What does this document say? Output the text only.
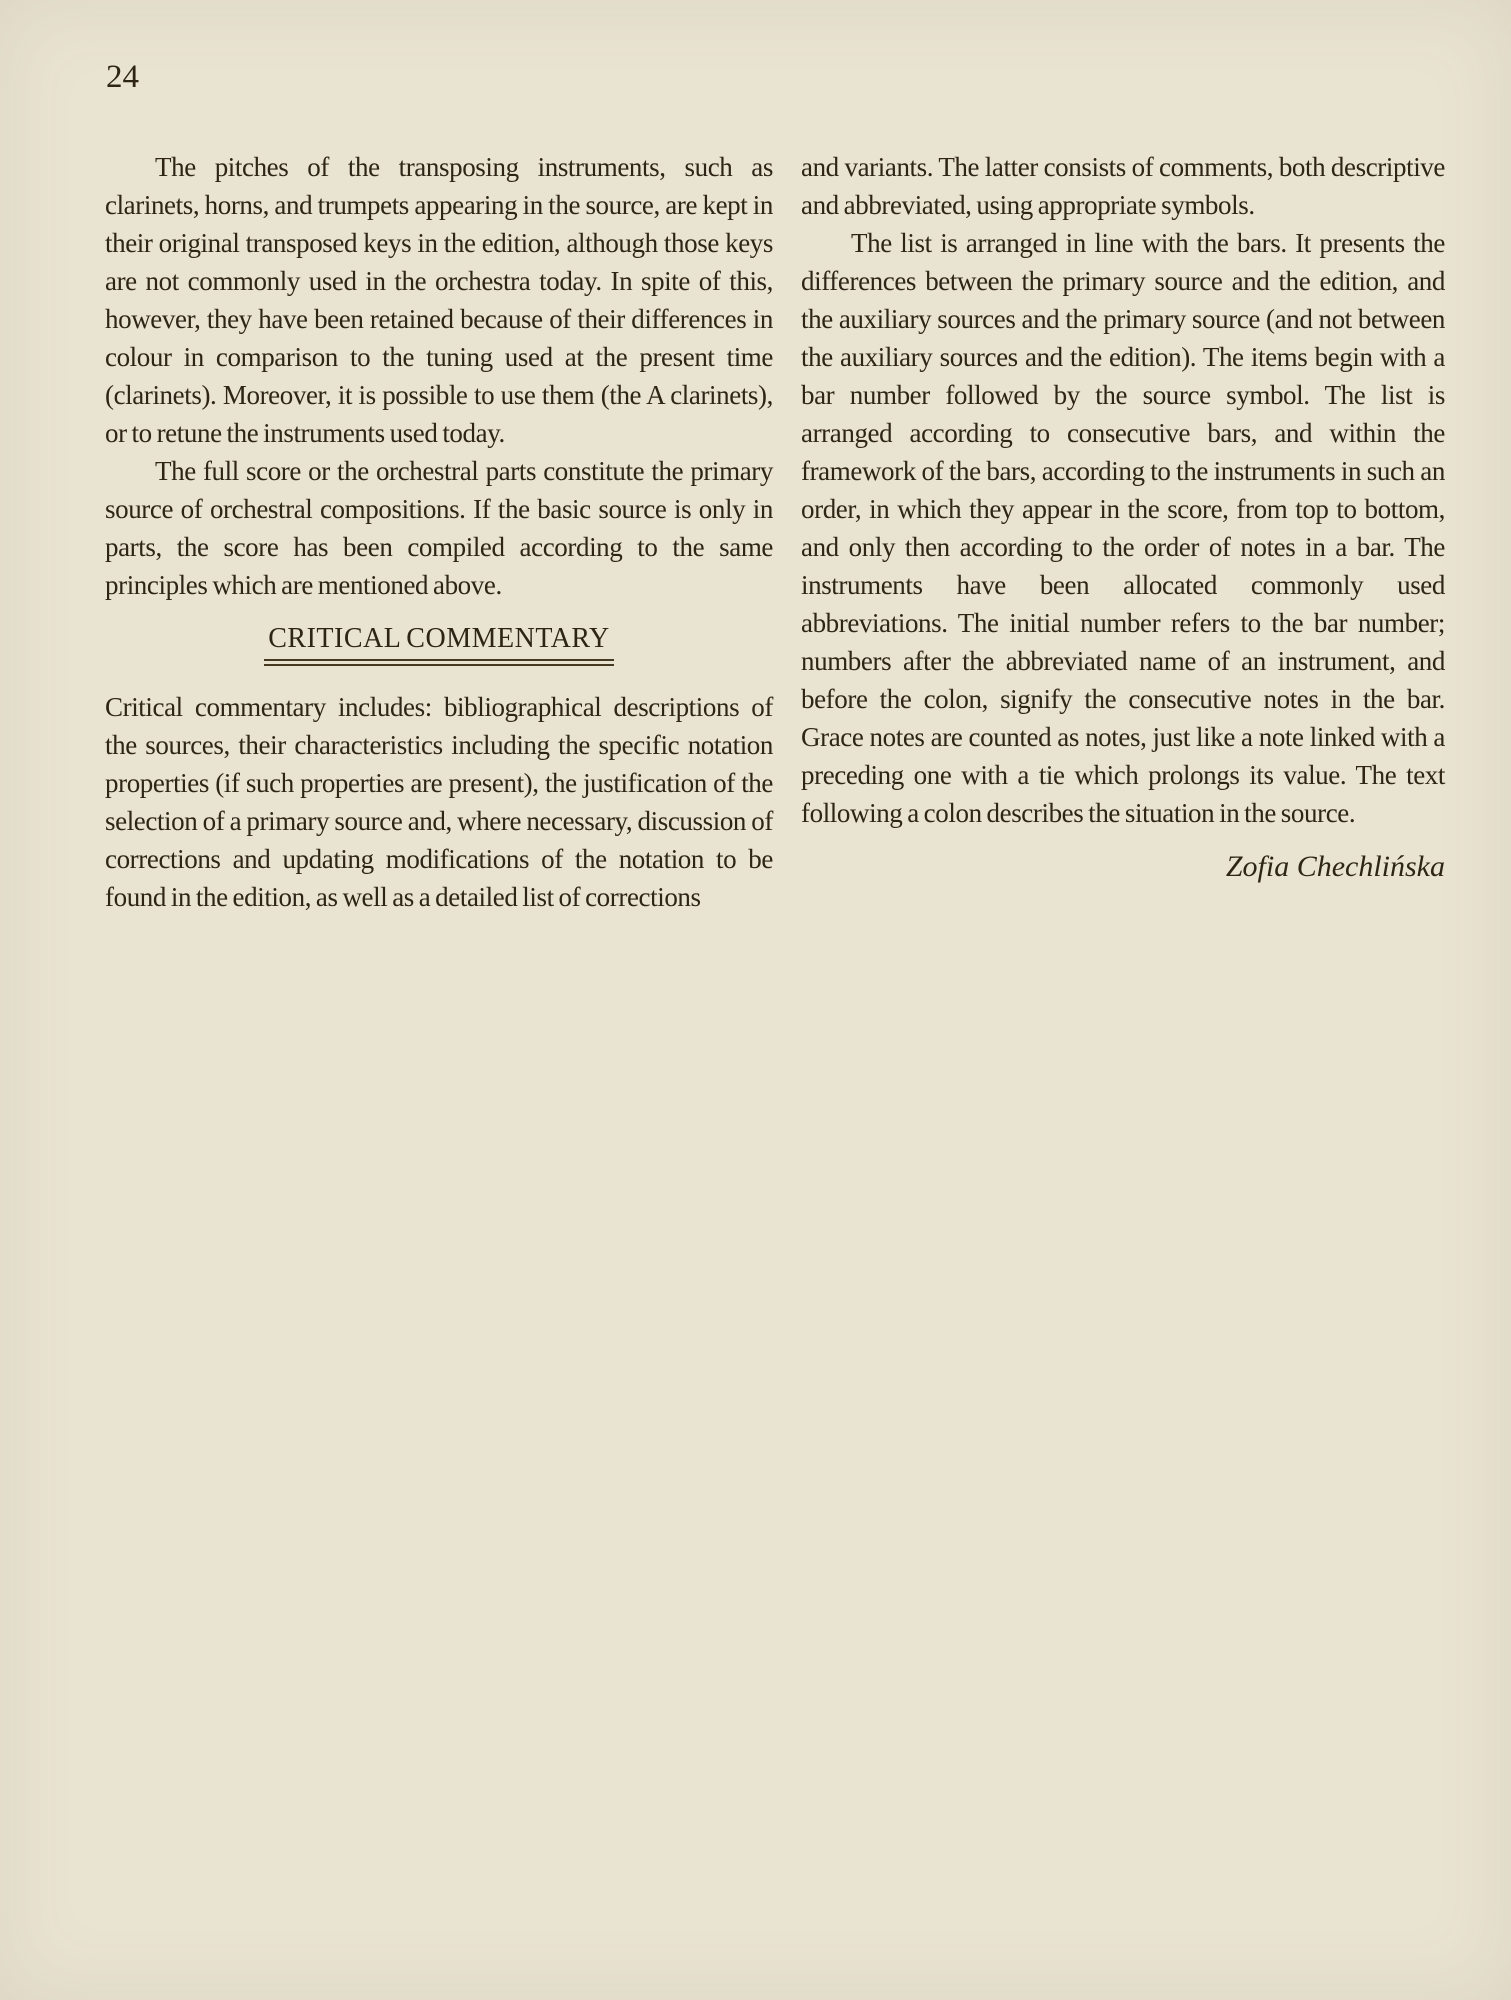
24

The pitches of the transposing instruments, such as clarinets, horns, and trumpets appearing in the source, are kept in their original transposed keys in the edition, although those keys are not commonly used in the orchestra today. In spite of this, however, they have been retained because of their differences in colour in comparison to the tuning used at the present time (clarinets). Moreover, it is possible to use them (the A clarinets), or to retune the instruments used today.

The full score or the orchestral parts constitute the primary source of orchestral compositions. If the basic source is only in parts, the score has been compiled according to the same principles which are mentioned above.

CRITICAL COMMENTARY

Critical commentary includes: bibliographical descriptions of the sources, their characteristics including the specific notation properties (if such properties are present), the justification of the selection of a primary source and, where necessary, discussion of corrections and updating modifications of the notation to be found in the edition, as well as a detailed list of corrections

and variants. The latter consists of comments, both descriptive and abbreviated, using appropriate symbols.

The list is arranged in line with the bars. It presents the differences between the primary source and the edition, and the auxiliary sources and the primary source (and not between the auxiliary sources and the edition). The items begin with a bar number followed by the source symbol. The list is arranged according to consecutive bars, and within the framework of the bars, according to the instruments in such an order, in which they appear in the score, from top to bottom, and only then according to the order of notes in a bar. The instruments have been allocated commonly used abbreviations. The initial number refers to the bar number; numbers after the abbreviated name of an instrument, and before the colon, signify the consecutive notes in the bar. Grace notes are counted as notes, just like a note linked with a preceding one with a tie which prolongs its value. The text following a colon describes the situation in the source.

Zofia Chechlińska
